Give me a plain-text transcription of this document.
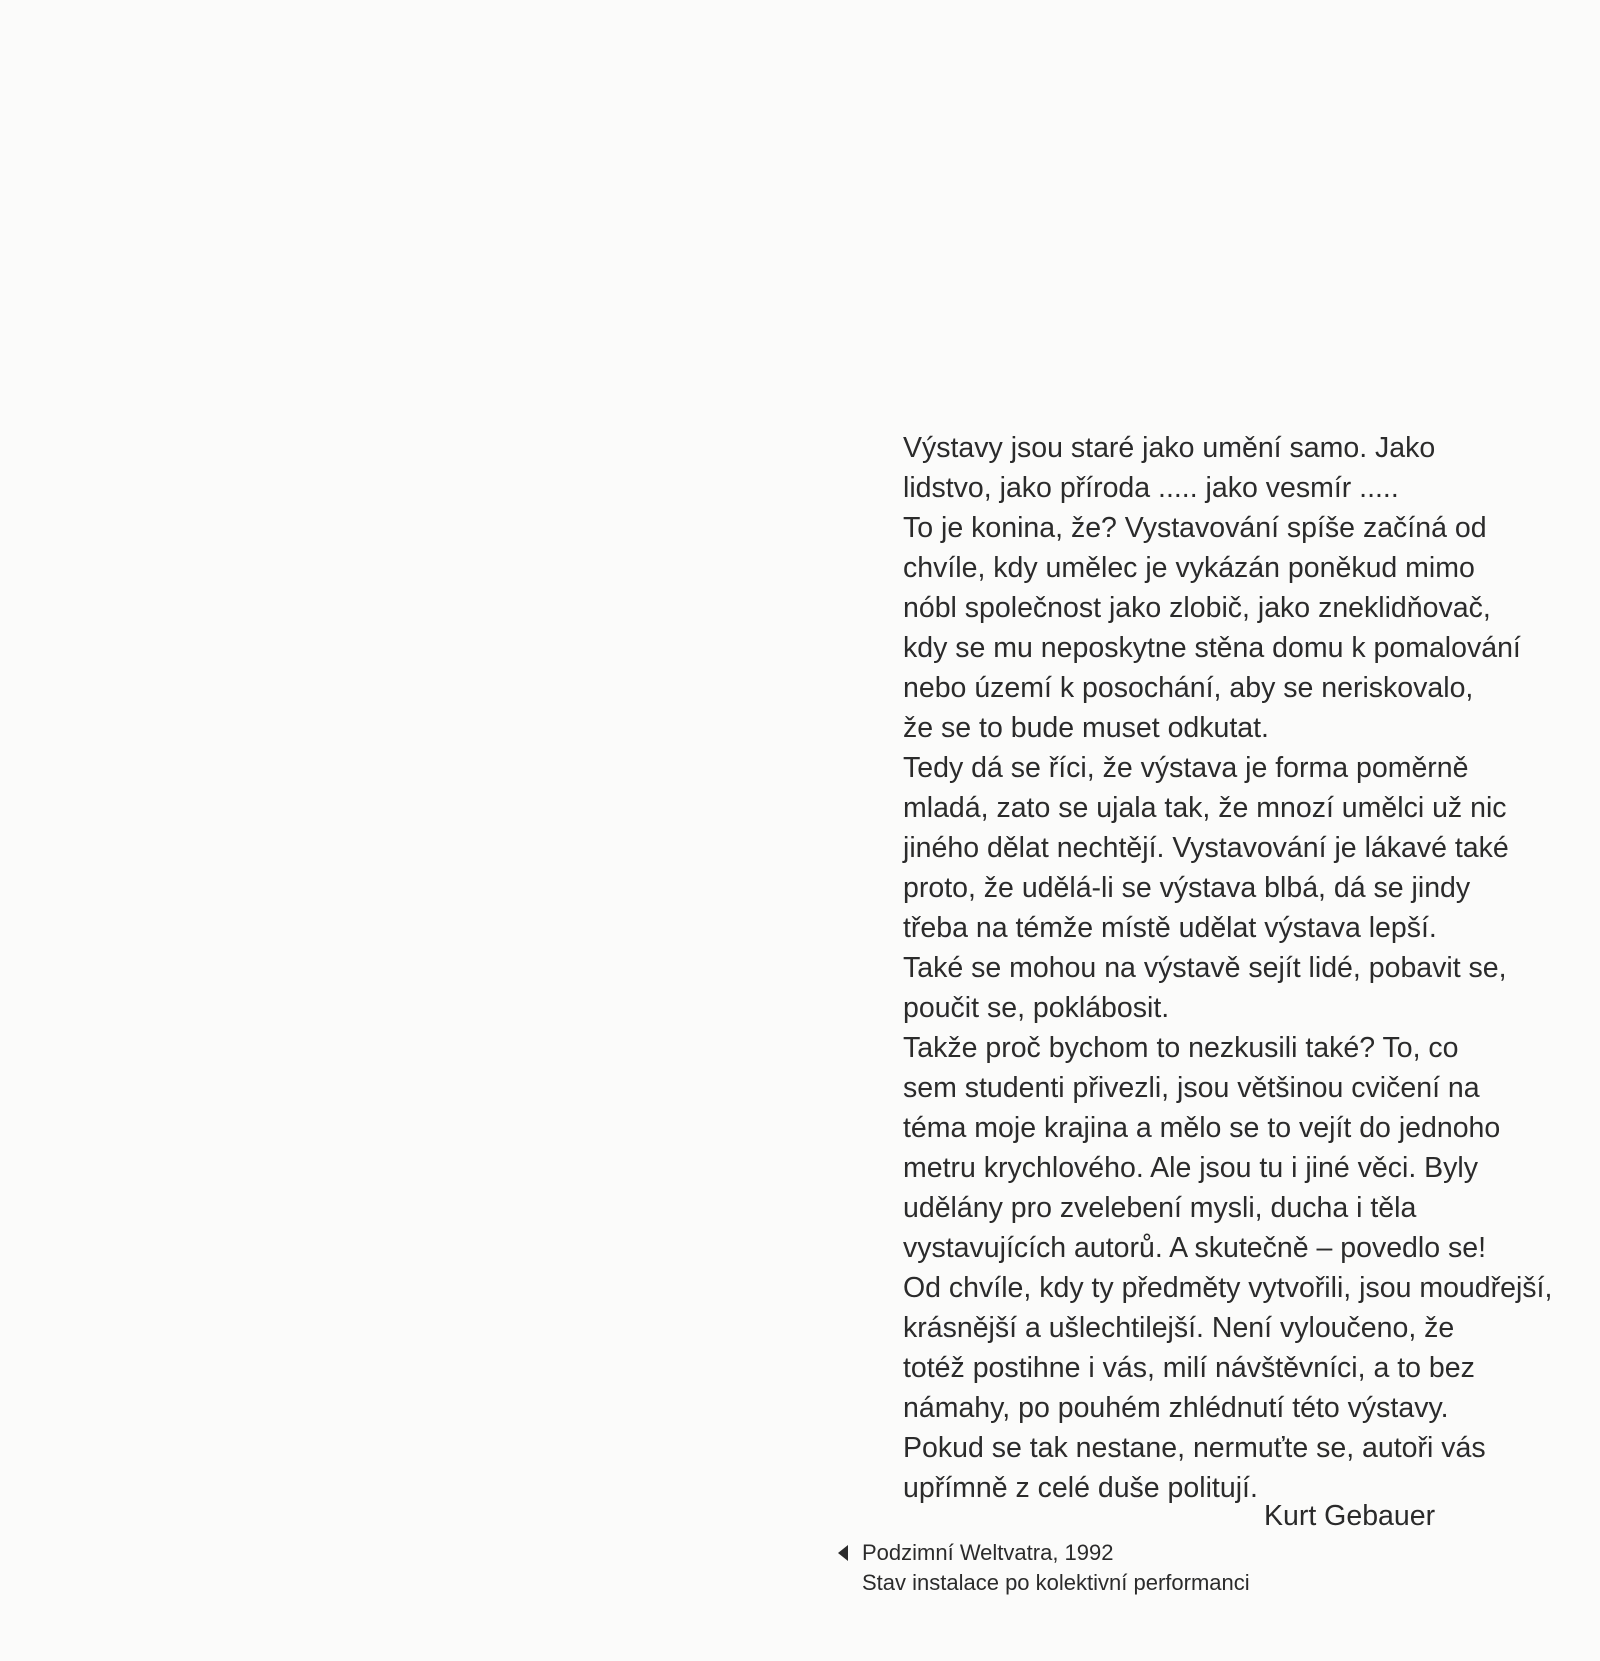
Výstavy jsou staré jako umění samo. Jako
lidstvo, jako příroda ..... jako vesmír .....
To je konina, že? Vystavování spíše začíná od
chvíle, kdy umělec je vykázán poněkud mimo
nóbl společnost jako zlobič, jako zneklidňovač,
kdy se mu neposkytne stěna domu k pomalování
nebo území k posochání, aby se neriskovalo,
že se to bude muset odkutat.

Tedy dá se říci, že výstava je forma poměrně
mladá, zato se ujala tak, že mnozí umělci už nic
jiného dělat nechtějí. Vystavování je lákavé také
proto, že udělá-li se výstava blbá, dá se jindy
třeba na témže místě udělat výstava lepší.
Také se mohou na výstavě sejít lidé, pobavit se,
poučit se, poklábosit.

Takže proč bychom to nezkusili také? To, co
sem studenti přivezli, jsou většinou cvičení na
téma moje krajina a mělo se to vejít do jednoho
metru krychlového. Ale jsou tu i jiné věci. Byly
udělány pro zvelebení mysli, ducha i těla
vystavujících autorů. A skutečně – povedlo se!
Od chvíle, kdy ty předměty vytvořili, jsou moudřejší,
krásnější a ušlechtilejší. Není vyloučeno, že
totéž postihne i vás, milí návštěvníci, a to bez
námahy, po pouhém zhlédnutí této výstavy.
Pokud se tak nestane, nermuťte se, autoři vás
upřímně z celé duše politují.

Kurt Gebauer
Podzimní Weltvatra, 1992
Stav instalace po kolektivní performanci
